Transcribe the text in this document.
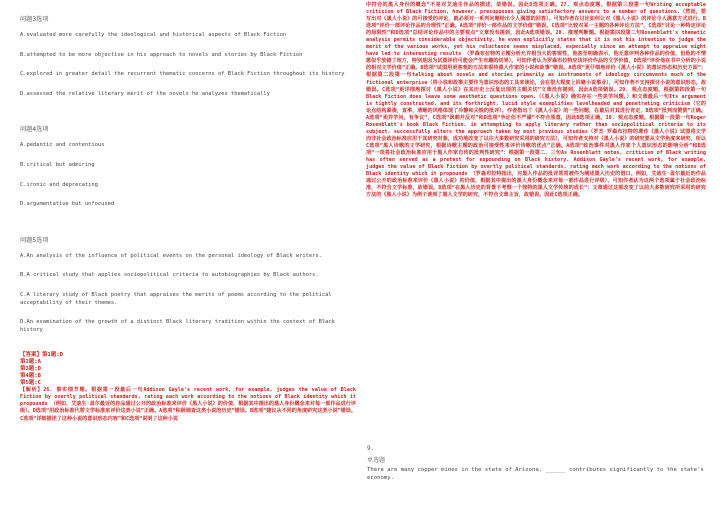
问题3选项
A.evaluated more carefully the ideological and historical aspects of Black Fiction
B.attempted to be more objective in his approach to novels and stories by Black Fiction
C.explored in greater detail the recurrent thematic concerns of Black Fiction throughout its history
D.assessed the relative literary merit of the novels he analyzes thematically
问题4选项
A.pedantic and contentious
B.critical but admiring
C.ironic and deprecating
D.argumentative but unfocused
问题5选项
A.An analysis of the influence of political events on the personal ideology of Black writers.
B.A critical study that applies sociopolitical criteria to autobiographies by Black authors.
C.A literary study of Black poetry that appraises the merits of poems according to the political acceptability of their themes.
D.An examination of the growth of a distinct Black literary tradition within the context of Black history
【答案】第1题:D
第2题:A
第3题:D
第4题:B
第5题:C
【解析】26. 事实细节题。根据第一段最后一句Addison Gayle's recent work, for example, judges the value of Black Fiction by overtly political standards, rating each work according to the notions of Black identity which it propounds （例如，艾迪生·盖尔最近的作品通过公开的政治标准来评价《黑人小说》的价值，根据其中提出的黑人身份概念来对每一部作品进行评级）。D选项“用政治标准代替文学标准来评价这类小说”正确。A选项“积极调查这类小说的历史”错误。B选项“建议从不同的角度研究这类小说”错误。C选项“详细描述了这种小说的意识形态内容”和C选项“说明了这种小说
中符合的黑人身份的概念”不是对艾迪生作品的描述，故错误。因此D选项正确。27. 观点态度题。根据第三段第一句Writing acceptable criticism of Black Fiction, however, presupposes giving satisfactory answers to a number of questions.（然而，要写出对《黑人小说》的可接受的评论，就必须对一系列问题给出令人满意的回答）。可知作者在讨论如何让对《黑人小说》的评论令人满意方式进行。B选项“评价一部评论作品的合理性”正确。A选项“评价一部作品的文学价值”错误。C选项“比较对某一主题的各种评论方法”，C选项“讨论一种特定评论的局限性”和D选项“总结评论作品中的主要观点”文章没有提到，因此A选项错误。28. 推理判断题。根据第四段第二句Rosenblatt's thematic analysis permits considerable objectivity, he even explicitly states that it is not his intention to judge the merit of the various works, yet his reluctance seems misplaced, especially since an attempt to appraise might have led to interesting results （罗森布拉特的主题分析允许相当大的客观性，他甚至明确表示，他无意评判各种作品的价值，但他的不情愿似乎放错了地方，特别是因为试图评价可能会产生有趣的结果）。可知作者认为罗森布拉特应该评价作品的文学价值，D选项“评价他在书中分析的小说的相对文学价值”正确。B选项“试图用更客观的方法来看待黑人作家的小说和故事”错误。A选项“更仔细地评价《黑人小说》的意识形态和历史方面”；根据第二段第一句talking about novels and stories primarily as instruments of ideology circumvents much of the fictional enterprise（将小说和故事主要作为意识形态的工具来谈论，会在很大程度上回避小说事业），可知作者不支持探讨小说的意识形态，故错误。C选项“更详细地探讨《黑人小说》在其历史上反复出现的主题关切”文章没有提到，因此A选项错误。29. 观点态度题。根据第四段第一句Black Fiction does leave some aesthetic questions open.（《黑人小说》确实存在一些美学问题。）和文章最后一句Its argument is tightly constructed, and its forthright, lucid style exemplifies levelheaded and penetrating criticism（它的论点结构紧凑，直率、清晰的风格体现了冷静和尖锐的批评）。作者指出了《黑人小说》的一些问题，在最后对其进行肯定，B选项“批判而赞赏”正确。A选项“卖弄学问，有争议”，C选项“讽刺并反对”和D选项“争论但不严谨”不符合原意，因此B选项正确。30. 观点态度题。根据第一段第一句Roger Rosenblatt's book Black Fiction, in attempting to apply literary rather than sociopolitical criteria to its subject, successfully alters the approach taken by most previous studies（罗杰·罗森布拉特的著作《黑人小说》试图将文学而非社会政治标准应用于其研究对象，成功地改变了以往大多数研究采用的研究方法），可知作者支持对《黑人小说》的研究要从文学角度来研究，所以C选项“黑人诗歌的文学研究，根据诗歌主题的政治可接受性来评价诗歌的优点”正确。A选项“政治事件对黑人作家个人意识形态的影响分析”和B选项“一项将社会政治标准应用于黑人作家自传的批判性研究”：根据第一段第二、三句As Rosenblatt notes, criticism of Black writing has often served as a pretext for expounding on Black history. Addison Gayle's recent work, for example, judges the value of Black Fiction by overtly political standards, rating each work according to the notions of Black identity which it propounds （罗森布拉特指出，对黑人作品的批评常常被作为阐述黑人历史的借口。例如，艾迪生·盖尔最近的作品通过公开的政治标准来评价《黑人小说》的价值，根据其中提出的黑人身份概念来对每一部作品进行评级），可知作者认为这两个选项属于社会政治标准，不符合文学标准，故错误。D选项“在黑人历史的背景下考察一个独特的黑人文学传统的成长”：文章通过这部改变了以前大多数研究所采用的研究方法的《黑人小说》为例子谈到了黑人文学的研究，不符合文章主旨，故错误。因此C选项正确。
9.
单选题
There are many copper mines in the state of Arizona. ______ contributes significantly to the state's economy.
